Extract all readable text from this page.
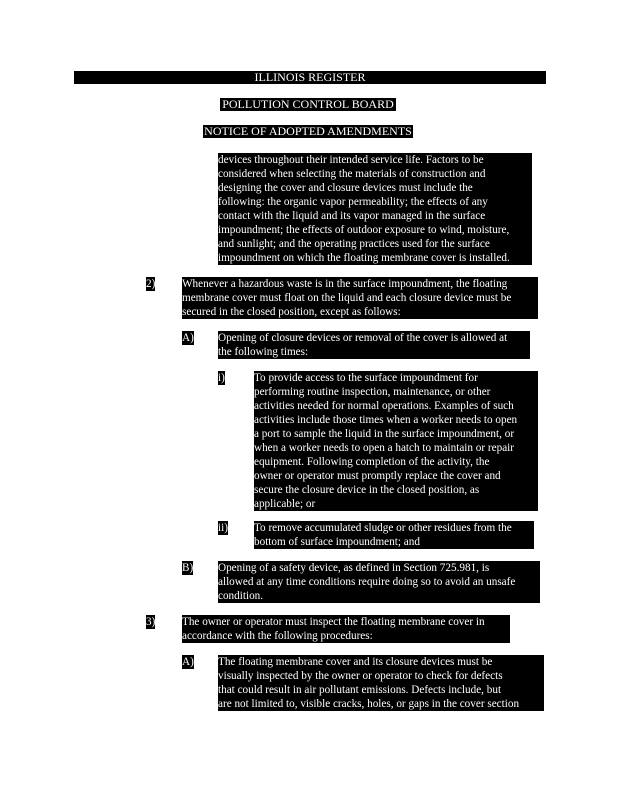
ILLINOIS REGISTER
POLLUTION CONTROL BOARD
NOTICE OF ADOPTED AMENDMENTS
devices throughout their intended service life. Factors to be
considered when selecting the materials of construction and
designing the cover and closure devices must include the
following: the organic vapor permeability; the effects of any
contact with the liquid and its vapor managed in the surface
impoundment; the effects of outdoor exposure to wind, moisture,
and sunlight; and the operating practices used for the surface
impoundment on which the floating membrane cover is installed.
2) Whenever a hazardous waste is in the surface impoundment, the floating
membrane cover must float on the liquid and each closure device must be
secured in the closed position, except as follows:
A) Opening of closure devices or removal of the cover is allowed at
the following times:
i)	To provide access to the surface impoundment for
performing routine inspection, maintenance, or other
activities needed for normal operations. Examples of such
activities include those times when a worker needs to open
a port to sample the liquid in the surface impoundment, or
when a worker needs to open a hatch to maintain or repair
equipment. Following completion of the activity, the
owner or operator must promptly replace the cover and
secure the closure device in the closed position, as
applicable; or
ii) To remove accumulated sludge or other residues from the
bottom of surface impoundment; and
B) Opening of a safety device, as defined in Section 725.981, is
allowed at any time conditions require doing so to avoid an unsafe
condition.
3) The owner or operator must inspect the floating membrane cover in
accordance with the following procedures:
A) The floating membrane cover and its closure devices must be
visually inspected by the owner or operator to check for defects
that could result in air pollutant emissions. Defects include, but
are not limited to, visible cracks, holes, or gaps in the cover section
